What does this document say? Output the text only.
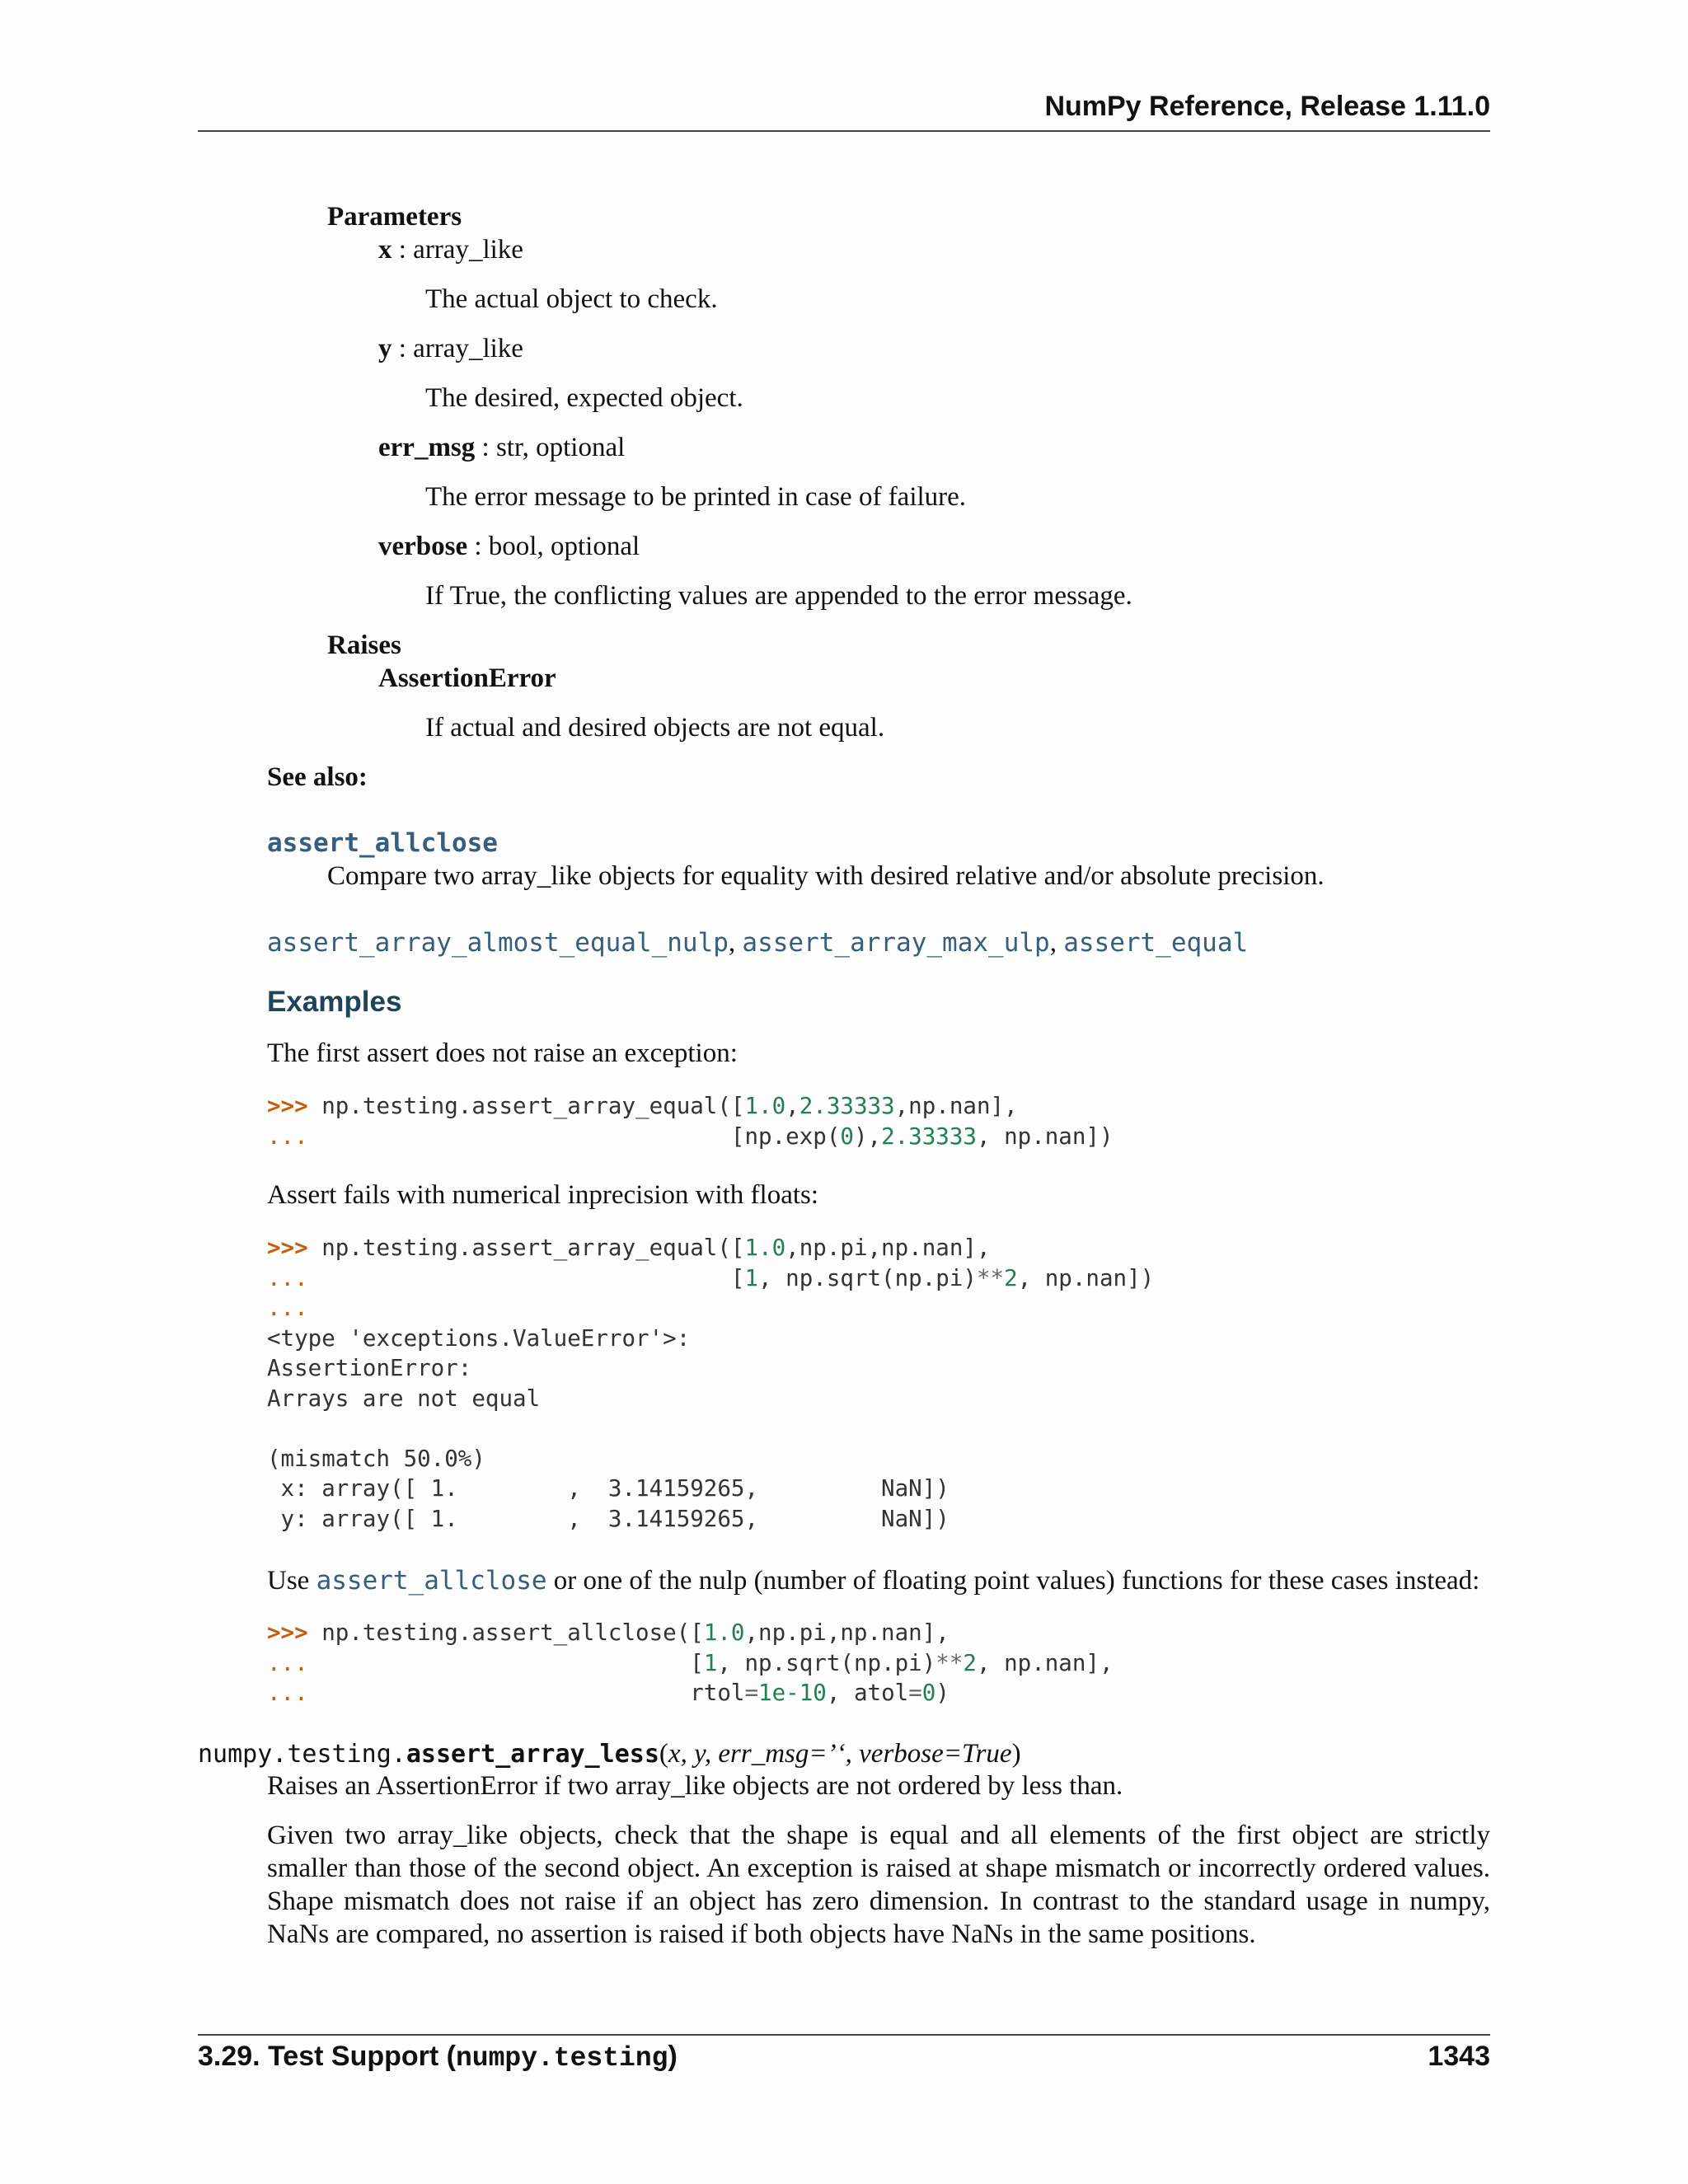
NumPy Reference, Release 1.11.0
Parameters
x : array_like
The actual object to check.
y : array_like
The desired, expected object.
err_msg : str, optional
The error message to be printed in case of failure.
verbose : bool, optional
If True, the conflicting values are appended to the error message.
Raises
AssertionError
If actual and desired objects are not equal.
See also:
assert_allclose
Compare two array_like objects for equality with desired relative and/or absolute precision.
assert_array_almost_equal_nulp, assert_array_max_ulp, assert_equal
Examples
The first assert does not raise an exception:
>>> np.testing.assert_array_equal([1.0,2.33333,np.nan],
...                               [np.exp(0),2.33333, np.nan])
Assert fails with numerical inprecision with floats:
>>> np.testing.assert_array_equal([1.0,np.pi,np.nan],
...                               [1, np.sqrt(np.pi)**2, np.nan])
...
<type 'exceptions.ValueError'>:
AssertionError:
Arrays are not equal

(mismatch 50.0%)
x: array([ 1.        ,  3.14159265,         NaN])
y: array([ 1.        ,  3.14159265,         NaN])
Use assert_allclose or one of the nulp (number of floating point values) functions for these cases instead:
>>> np.testing.assert_allclose([1.0,np.pi,np.nan],
...                            [1, np.sqrt(np.pi)**2, np.nan],
...                            rtol=1e-10, atol=0)
numpy.testing.assert_array_less(x, y, err_msg=’‘, verbose=True)
Raises an AssertionError if two array_like objects are not ordered by less than.
Given two array_like objects, check that the shape is equal and all elements of the first object are strictly smaller than those of the second object. An exception is raised at shape mismatch or incorrectly ordered values. Shape mismatch does not raise if an object has zero dimension. In contrast to the standard usage in numpy, NaNs are compared, no assertion is raised if both objects have NaNs in the same positions.
3.29. Test Support (numpy.testing)	1343
